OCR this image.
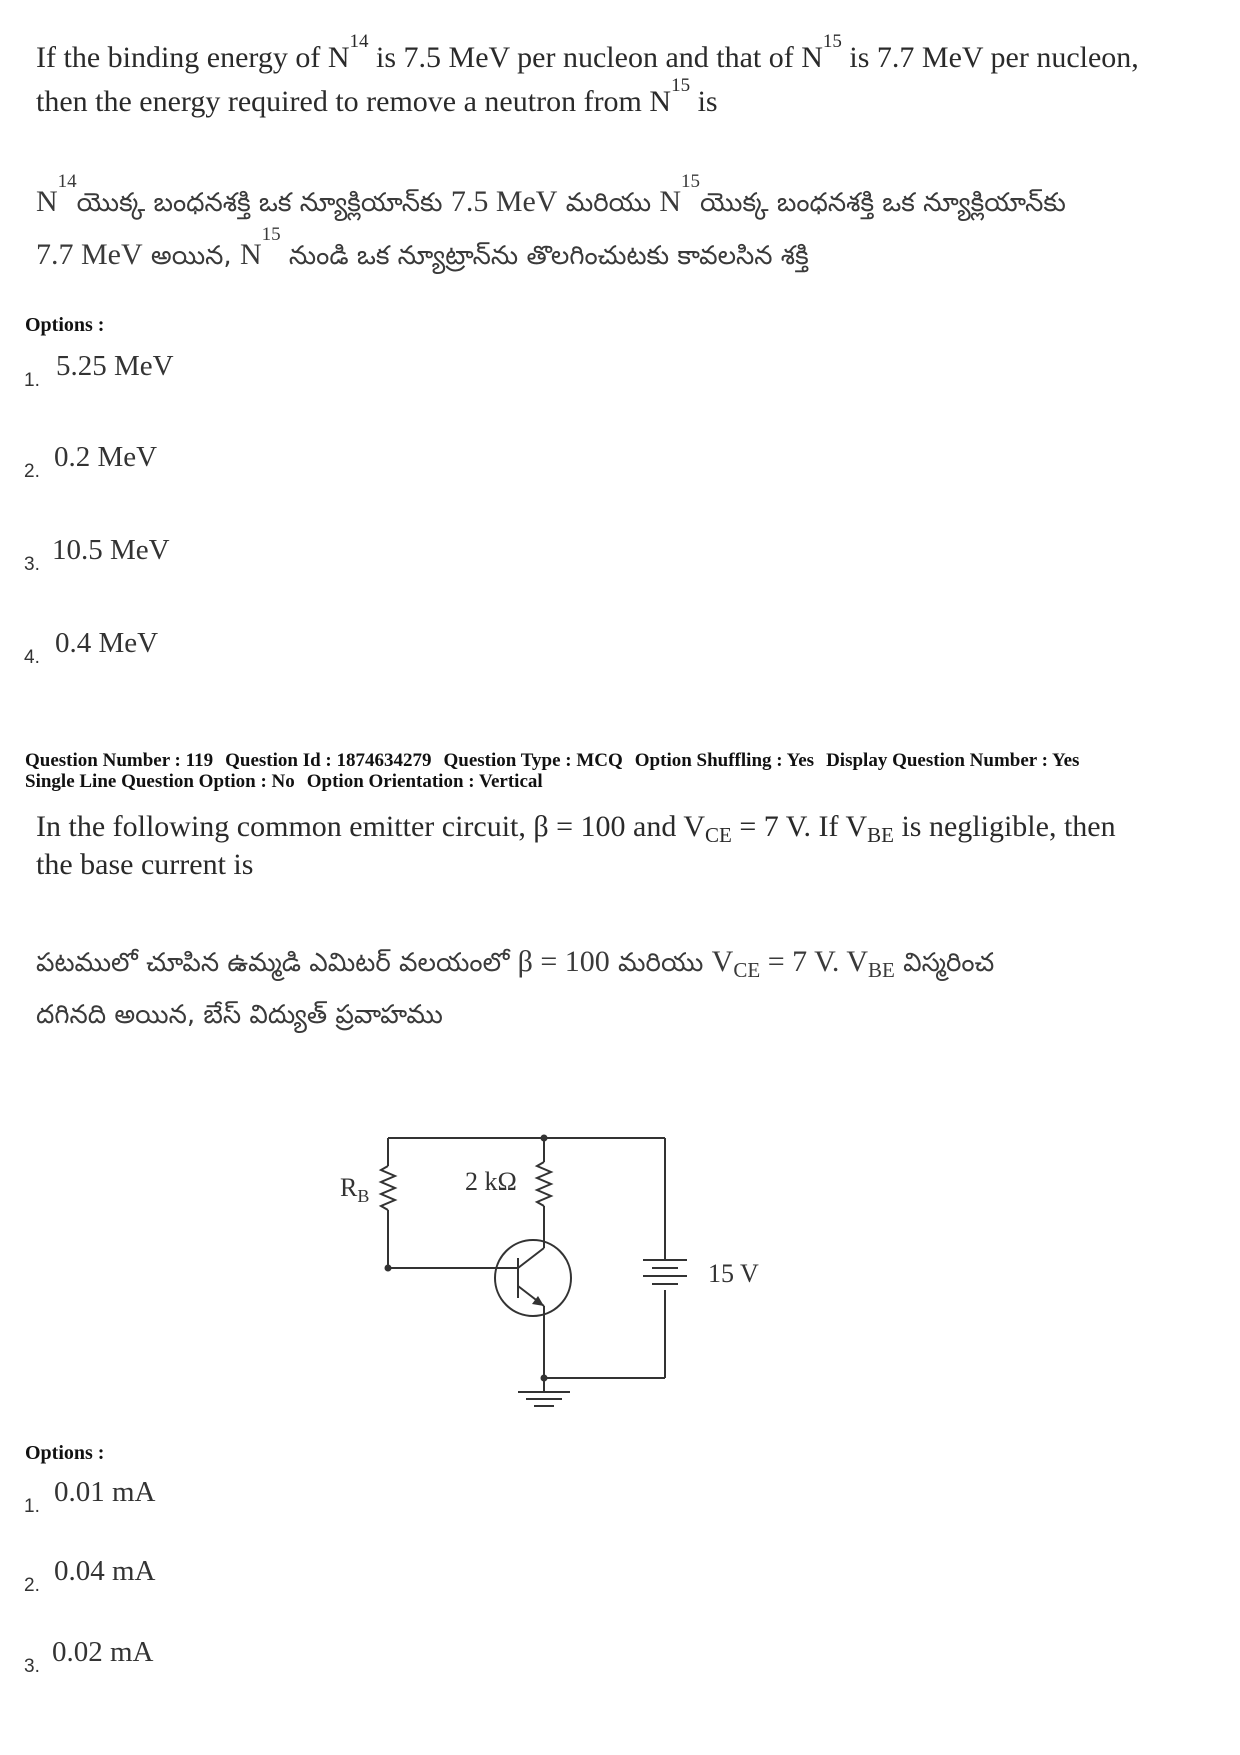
If the binding energy of $N^{14}$ is 7.5 MeV per nucleon and that of $N^{15}$ is 7.7 MeV per nucleon,
then the energy required to remove a neutron from $N^{15}$ is
$N^{14}యొక్క$ బంధనశక్తి ఒక న్యూక్లియాన్‌కు 7.5 MeV మరియు $N^{15}యొక్క$ బంధనశక్తి ఒక న్యూక్లియాన్‌కు
7.7 MeV అయిన, $N^{15}$ నుండి ఒక న్యూట్రాన్‌ను తొలగించుటకు కావలసిన శక్తి
Options :
1. 5.25 MeV
2. 0.2 MeV
3. 10.5 MeV
4. 0.4 MeV
Question Number : 119 Question Id : 1874634279 Question Type : MCQ Option Shuffling : Yes Display Question Number : Yes
Single Line Question Option : No Option Orientation : Vertical
In the following common emitter circuit, β = 100 and $V_{CE} = 7$ V. If $V_{BE}$ is negligible, then
the base current is
పటములో చూపిన ఉమ్మడి ఎమిటర్ వలయంలో β = 100 మరియు $V_{CE} = 7$ V. $V_{BE}$ విస్మరించ
దగినది అయిన, బేస్ విద్యుత్ ప్రవాహము
$R_B$	2 kΩ
15 V
Options :
1. 0.01 mA
2. 0.04 mA
3. 0.02 mA
